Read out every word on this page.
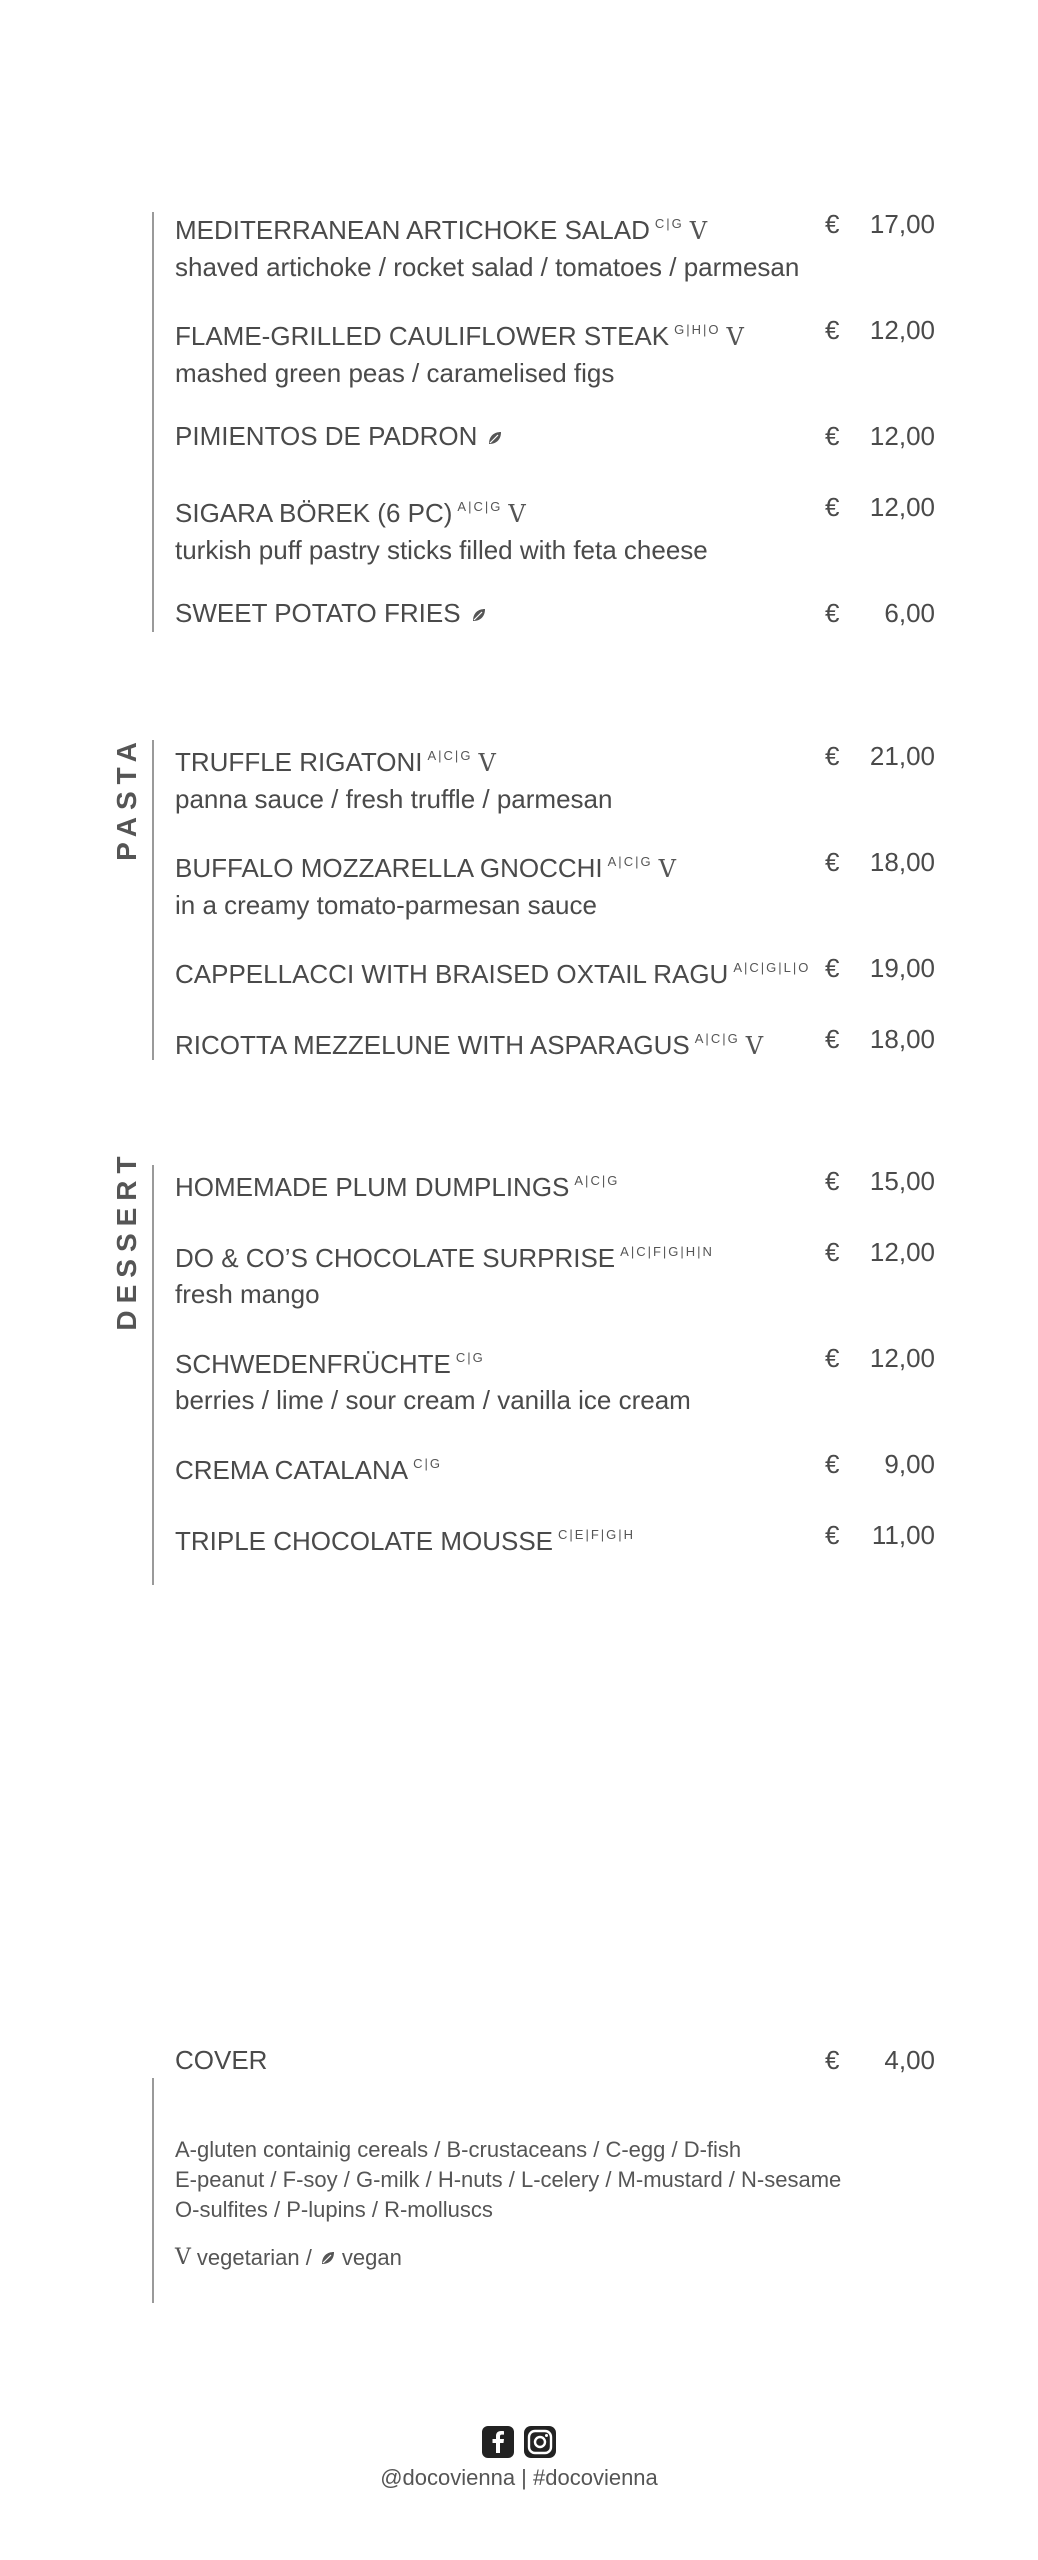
PASTA
DESSERT
MEDITERRANEAN ARTICHOKE SALAD $^{C|G}$ V
shaved artichoke / rocket salad / tomatoes / parmesan
€ 17,00
FLAME-GRILLED CAULIFLOWER STEAK $^{G|H|O}$ V
mashed green peas / caramelised figs
€ 12,00
PIMIENTOS DE PADRON	€ 12,00
SIGARA BÖREK (6 PC) $^{A|C|G}$ V
turkish puff pastry sticks filled with feta cheese
€ 12,00
SWEET POTATO FRIES	€ 6,00
TRUFFLE RIGATONI $^{A|C|G}$ V
panna sauce / fresh truffle / parmesan
€ 21,00
BUFFALO MOZZARELLA GNOCCHI $^{A|C|G}$ V
in a creamy tomato-parmesan sauce
€ 18,00
CAPPELLACCI WITH BRAISED OXTAIL RAGU $^{A|C|G|L|O}$ € 19,00
RICOTTA MEZZELUNE WITH ASPARAGUS $^{A|C|G}$ V	€ 18,00
HOMEMADE PLUM DUMPLINGS $^{A|C|G}$	€ 15,00
DO & CO’S CHOCOLATE SURPRISE $^{A|C|F|G|H|N}$
fresh mango
€ 12,00
SCHWEDENFRÜCHTE $^{C|G}$
berries / lime / sour cream / vanilla ice cream
€ 12,00
CREMA CATALANA $^{C|G}$	€ 9,00
TRIPLE CHOCOLATE MOUSSE $^{C|E|F|G|H}$	€ 11,00
COVER	€ 4,00
A-gluten containig cereals / B-crustaceans / C-egg / D-fish
E-peanut / F-soy / G-milk / H-nuts / L-celery / M-mustard / N-sesame
O-sulfites / P-lupins / R-molluscs
V vegetarian / vegan
@docovienna | #docovienna
